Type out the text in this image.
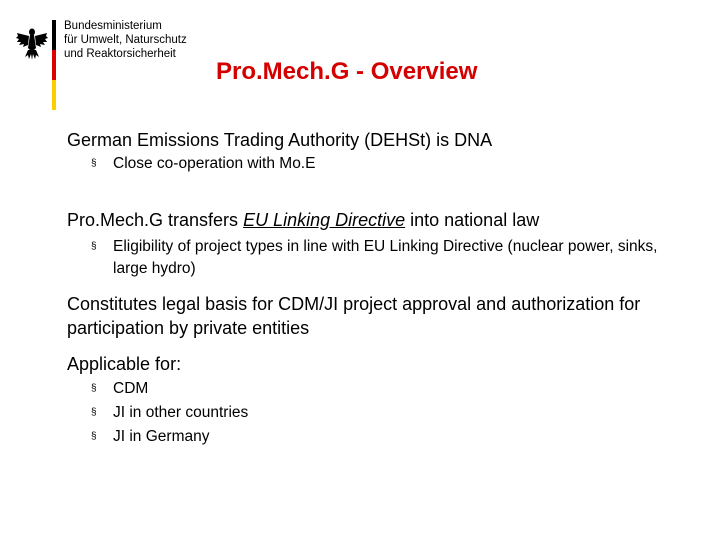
Bundesministerium
für Umwelt, Naturschutz
und Reaktorsicherheit
Pro.Mech.G - Overview
German Emissions Trading Authority (DEHSt) is DNA
§ Close co-operation with Mo.E
Pro.Mech.G transfers EU Linking Directive into national law
§ Eligibility of project types in line with EU Linking Directive (nuclear power, sinks, large hydro)
Constitutes legal basis for CDM/JI project approval and authorization for participation by private entities
Applicable for:
§ CDM
§ JI in other countries
§ JI in Germany
